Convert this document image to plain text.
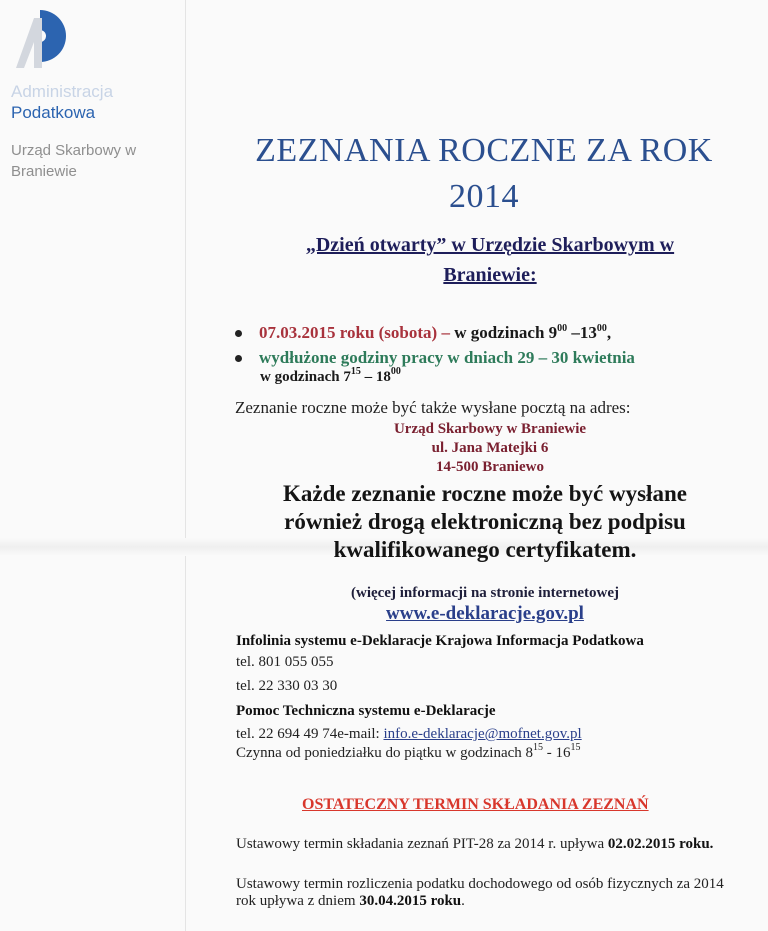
Administracja
Podatkowa
Urząd Skarbowy w Braniewie
ZEZNANIA ROCZNE ZA ROK
2014
„Dzień otwarty” w Urzędzie Skarbowym w
Braniewie:
07.03.2015 roku (sobota) – w godzinach $9^{00}$ $-13^{00}$,
wydłużone godziny pracy w dniach 29 – 30 kwietnia
w godzinach $7^{15} - 18^{00}$
Zeznanie roczne może być także wysłane pocztą na adres:
Urząd Skarbowy w Braniewie
ul. Jana Matejki 6
14-500 Braniewo
Każde zeznanie roczne może być wysłane
również drogą elektroniczną bez podpisu
kwalifikowanego certyfikatem.
(więcej informacji na stronie internetowej
www.e-deklaracje.gov.pl
Infolinia systemu e-Deklaracje Krajowa Informacja Podatkowa
tel. 801 055 055
tel. 22 330 03 30
Pomoc Techniczna systemu e-Deklaracje
tel. 22 694 49 74e-mail: info.e-deklaracje@mofnet.gov.pl
Czynna od poniedziałku do piątku w godzinach $8^{15} - 16^{15}$
OSTATECZNY TERMIN SKŁADANIA ZEZNAŃ
Ustawowy termin składania zeznań PIT-28 za 2014 r. upływa 02.02.2015 roku.
Ustawowy termin rozliczenia podatku dochodowego od osób fizycznych za 2014 rok upływa z dniem 30.04.2015 roku.
